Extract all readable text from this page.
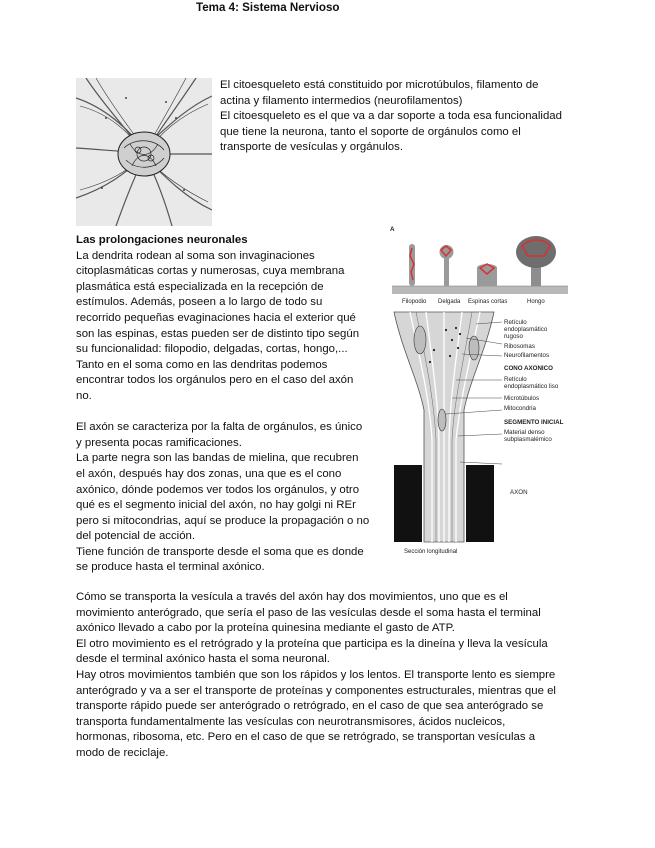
Tema 4: Sistema Nervioso
El citoesqueleto está constituido por microtúbulos, filamento de
actina y filamento intermedios (neurofilamentos)
El citoesqueleto es el que va a dar soporte a toda esa funcionalidad
que tiene la neurona, tanto el soporte de orgánulos como el
transporte de vesículas y orgánulos.
A
Filopodio Delgada Espinas cortas	Hongo
Retículo
endoplasmático
rugoso
Ribosomas
Neurofilamentos
CONO AXONICO
Retículo
endoplasmático liso
Microtúbulos
Mitocondria
SEGMENTO INICIAL
Material denso
subplasmalémico
AXON
Sección longitudinal
Las prolongaciones neuronales
La dendrita rodean al soma son invaginaciones
citoplasmáticas cortas y numerosas, cuya membrana
plasmática está especializada en la recepción de
estímulos. Además, poseen a lo largo de todo su
recorrido pequeñas evaginaciones hacia el exterior qué
son las espinas, estas pueden ser de distinto tipo según
su funcionalidad: filopodio, delgadas, cortas, hongo,...
Tanto en el soma como en las dendritas podemos
encontrar todos los orgánulos pero en el caso del axón
no.
El axón se caracteriza por la falta de orgánulos, es único
y presenta pocas ramificaciones.
La parte negra son las bandas de mielina, que recubren
el axón, después hay dos zonas, una que es el cono
axónico, dónde podemos ver todos los orgánulos, y otro
qué es el segmento inicial del axón, no hay golgi ni REr
pero si mitocondrias, aquí se produce la propagación o no
del potencial de acción.
Tiene función de transporte desde el soma que es donde
se produce hasta el terminal axónico.
Cómo se transporta la vesícula a través del axón hay dos movimientos, uno que es el
movimiento anterógrado, que sería el paso de las vesículas desde el soma hasta el terminal
axónico llevado a cabo por la proteína quinesina mediante el gasto de ATP.
El otro movimiento es el retrógrado y la proteína que participa es la dineína y lleva la vesícula
desde el terminal axónico hasta el soma neuronal.
Hay otros movimientos también que son los rápidos y los lentos. El transporte lento es siempre
anterógrado y va a ser el transporte de proteínas y componentes estructurales, mientras que el
transporte rápido puede ser anterógrado o retrógrado, en el caso de que sea anterógrado se
transporta fundamentalmente las vesículas con neurotransmisores, ácidos nucleicos,
hormonas, ribosoma, etc. Pero en el caso de que se retrógrado, se transportan vesículas a
modo de reciclaje.
